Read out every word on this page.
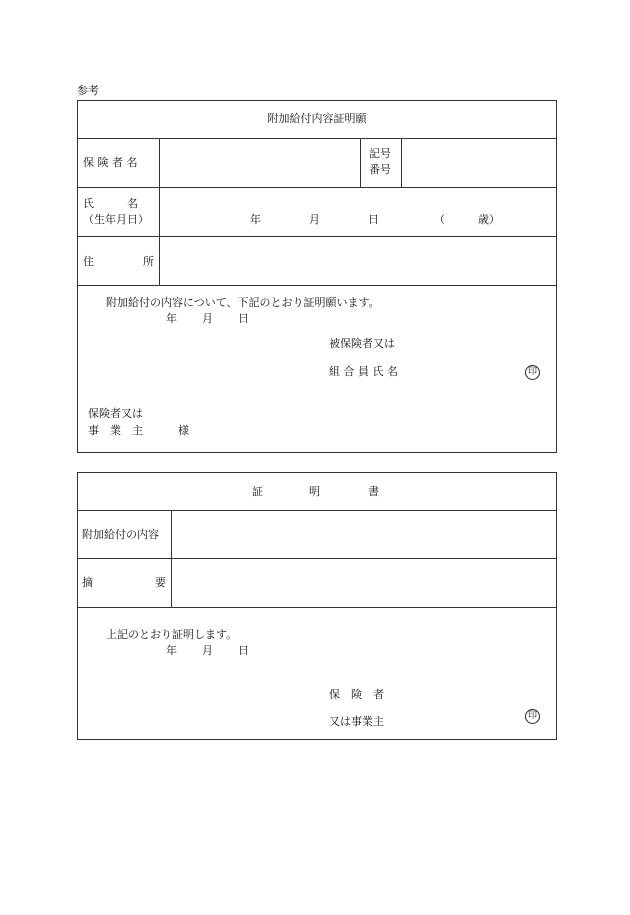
参考
附加給付内容証明願
保 険 者 名
記号
番号
氏　　　名
（生年月日）	年	月	日	（	歳）
住	所
附加給付の内容について、下記のとおり証明願います。
年 月 日
被保険者又は
組 合 員 氏 名	印
保険者又は
事　業　主	様
証	明	書
附加給付の内容
摘	要
上記のとおり証明します。
年 月 日
保　険　者
又は事業主	印
